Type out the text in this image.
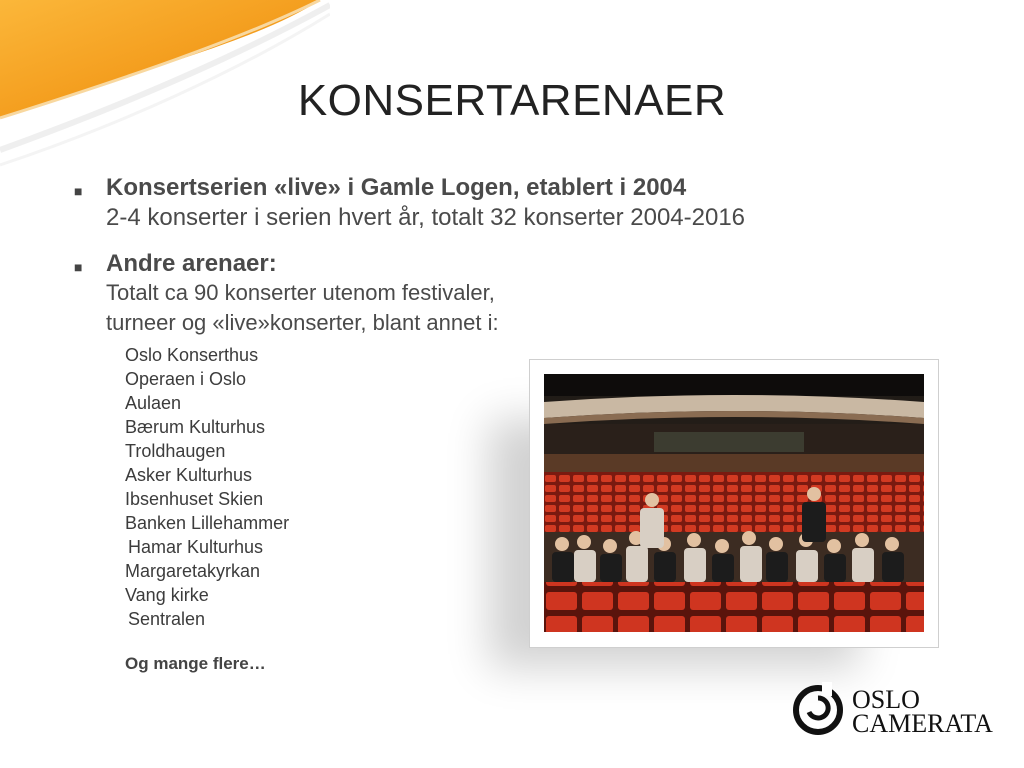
KONSERTARENAER
■ Konsertserien «live» i Gamle Logen, etablert i 2004
2-4 konserter i serien hvert år, totalt 32 konserter 2004-2016
■ Andre arenaer:
Totalt ca 90 konserter utenom festivaler,
turneer og «live»konserter, blant annet i:
Oslo Konserthus
Operaen i Oslo
Aulaen
Bærum Kulturhus
Troldhaugen
Asker Kulturhus
Ibsenhuset Skien
Banken Lillehammer
Hamar Kulturhus
Margaretakyrkan
Vang kirke
Sentralen
Og mange flere…
OSLO
CAMERATA
